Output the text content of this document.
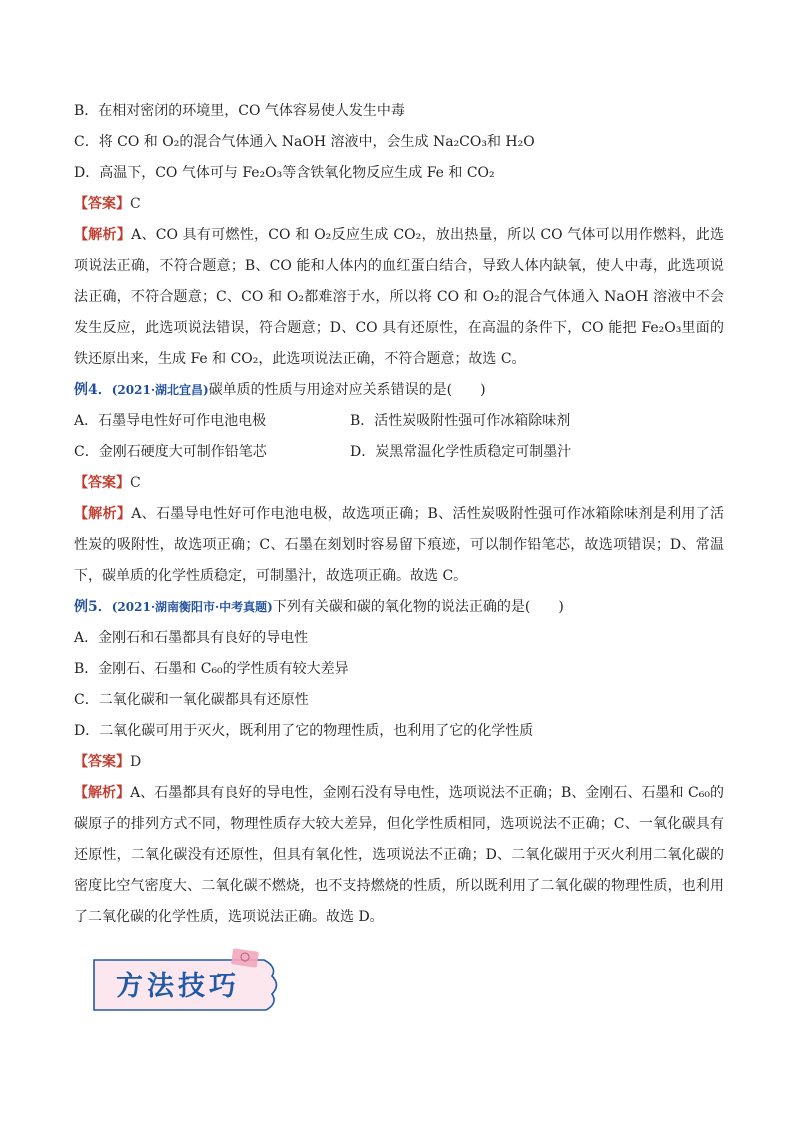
B．在相对密闭的环境里，CO 气体容易使人发生中毒
C．将 CO 和 O₂的混合气体通入 NaOH 溶液中，会生成 Na₂CO₃和 H₂O
D．高温下，CO 气体可与 Fe₂O₃等含铁氧化物反应生成 Fe 和 CO₂
【答案】C
【解析】A、CO 具有可燃性，CO 和 O₂反应生成 CO₂，放出热量，所以 CO 气体可以用作燃料，此选项说法正确，不符合题意；B、CO 能和人体内的血红蛋白结合，导致人体内缺氧，使人中毒，此选项说法正确，不符合题意；C、CO 和 O₂都难溶于水，所以将 CO 和 O₂的混合气体通入 NaOH 溶液中不会发生反应，此选项说法错误，符合题意；D、CO 具有还原性，在高温的条件下，CO 能把 Fe₂O₃里面的铁还原出来，生成 Fe 和 CO₂，此选项说法正确，不符合题意；故选 C。
例4．(2021·湖北宜昌)碳单质的性质与用途对应关系错误的是(　　)
A．石墨导电性好可作电池电极	B．活性炭吸附性强可作冰箱除味剂
C．金刚石硬度大可制作铅笔芯	D．炭黑常温化学性质稳定可制墨汁
【答案】C
【解析】A、石墨导电性好可作电池电极，故选项正确；B、活性炭吸附性强可作冰箱除味剂是利用了活性炭的吸附性，故选项正确；C、石墨在刻划时容易留下痕迹，可以制作铅笔芯，故选项错误；D、常温下，碳单质的化学性质稳定，可制墨汁，故选项正确。故选 C。
例5．(2021·湖南衡阳市·中考真题)下列有关碳和碳的氧化物的说法正确的是(　　)
A．金刚石和石墨都具有良好的导电性
B．金刚石、石墨和 C₆₀的学性质有较大差异
C．二氧化碳和一氧化碳都具有还原性
D．二氧化碳可用于灭火，既利用了它的物理性质，也利用了它的化学性质
【答案】D
【解析】A、石墨都具有良好的导电性，金刚石没有导电性，选项说法不正确；B、金刚石、石墨和 C₆₀的碳原子的排列方式不同，物理性质存大较大差异，但化学性质相同，选项说法不正确；C、一氧化碳具有还原性，二氧化碳没有还原性，但具有氧化性，选项说法不正确；D、二氧化碳用于灭火利用二氧化碳的密度比空气密度大、二氧化碳不燃烧，也不支持燃烧的性质，所以既利用了二氧化碳的物理性质，也利用了二氧化碳的化学性质，选项说法正确。故选 D。
方法技巧
